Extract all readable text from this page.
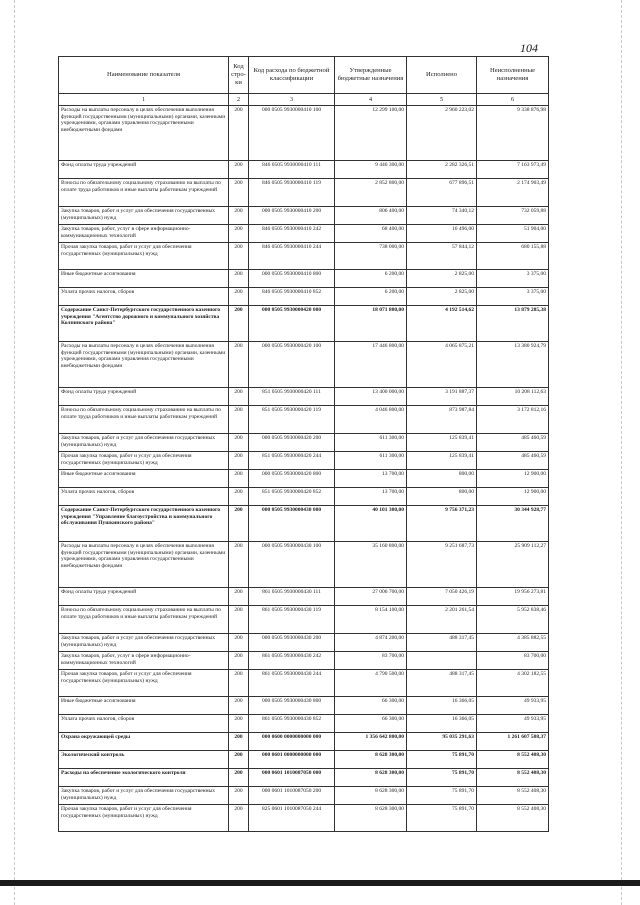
104
Наименование показателя	Код стро-ки	Код расхода по бюджетной классификации	Утвержденные бюджетные назначения	Исполнено	Неисполненные назначения
1	2	3	4	5	6
Расходы на выплаты персоналу в целях обеспечения выполнения функций государственными (муниципальными) органами, казенными учреждениями, органами управления государственными внебюджетными фондами	200	000 0505 9930000410 100	12 299 100,00	2 960 223,02	9 338 876,98
Фонд оплаты труда учреждений	200	846 0505 9930000410 111	9 446 300,00	2 282 326,51	7 163 973,49
Взносы по обязательному социальному страхованию на выплаты по оплате труда работников и иные выплаты работникам учреждений	200	846 0505 9930000410 119	2 852 800,00	677 896,51	2 174 903,49
Закупка товаров, работ и услуг для обеспечения государственных (муниципальных) нужд	200	000 0505 9930000410 200	806 400,00	74 340,12	732 059,88
Закупка товаров, работ, услуг в сфере информационно-коммуникационных технологий	200	846 0505 9930000410 242	68 400,00	16 496,00	51 904,00
Прочая закупка товаров, работ и услуг для обеспечения государственных (муниципальных) нужд	200	846 0505 9930000410 244	738 000,00	57 844,12	680 155,88
Иные бюджетные ассигнования	200	000 0505 9930000410 800	6 200,00	2 825,00	3 375,00
Уплата прочих налогов, сборов	200	846 0505 9930000410 852	6 200,00	2 825,00	3 375,00
Содержание Санкт-Петербургского государственного казенного учреждения "Агентство дорожного и коммунального хозяйства Колпинского района"	200	000 0505 9930000420 000	18 071 800,00	4 192 514,62	13 879 285,38
Расходы на выплаты персоналу в целях обеспечения выполнения функций государственными (муниципальными) органами, казенными учреждениями, органами управления государственными внебюджетными фондами	200	000 0505 9930000420 100	17 446 800,00	4 065 875,21	13 380 924,79
Фонд оплаты труда учреждений	200	851 0505 9930000420 111	13 400 000,00	3 191 887,37	10 208 112,63
Взносы по обязательному социальному страхованию на выплаты по оплате труда работников и иные выплаты работникам учреждений	200	851 0505 9930000420 119	4 046 800,00	873 987,84	3 172 812,16
Закупка товаров, работ и услуг для обеспечения государственных (муниципальных) нужд	200	000 0505 9930000420 200	611 300,00	125 839,41	485 460,59
Прочая закупка товаров, работ и услуг для обеспечения государственных (муниципальных) нужд	200	851 0505 9930000420 244	611 300,00	125 839,41	485 460,59
Иные бюджетные ассигнования	200	000 0505 9930000420 800	13 700,00	800,00	12 900,00
Уплата прочих налогов, сборов	200	851 0505 9930000420 852	13 700,00	800,00	12 900,00
Содержание Санкт-Петербургского государственного казенного учреждения "Управление благоустройства и коммунального обслуживания Пушкинского района"	200	000 0505 9930000430 000	40 101 300,00	9 756 371,23	30 344 928,77
Расходы на выплаты персоналу в целях обеспечения выполнения функций государственными (муниципальными) органами, казенными учреждениями, органами управления государственными внебюджетными фондами	200	000 0505 9930000430 100	35 160 800,00	9 251 687,73	25 909 112,27
Фонд оплаты труда учреждений	200	861 0505 9930000430 111	27 006 700,00	7 050 426,19	19 956 273,81
Взносы по обязательному социальному страхованию на выплаты по оплате труда работников и иные выплаты работникам учреждений	200	861 0505 9930000430 119	8 154 100,00	2 201 261,54	5 952 838,46
Закупка товаров, работ и услуг для обеспечения государственных (муниципальных) нужд	200	000 0505 9930000430 200	4 874 200,00	488 317,45	4 385 882,55
Закупка товаров, работ, услуг в сфере информационно-коммуникационных технологий	200	861 0505 9930000430 242	83 700,00		83 700,00
Прочая закупка товаров, работ и услуг для обеспечения государственных (муниципальных) нужд	200	861 0505 9930000430 244	4 790 500,00	488 317,45	4 302 182,55
Иные бюджетные ассигнования	200	000 0505 9930000430 800	66 300,00	16 366,05	49 933,95
Уплата прочих налогов, сборов	200	861 0505 9930000430 852	66 300,00	16 366,05	49 933,95
Охрана окружающей среды	200	000 0600 0000000000 000	1 356 642 800,00	95 035 291,63	1 261 607 508,37
Экологический контроль	200	000 0601 0000000000 000	8 628 300,00	75 891,70	8 552 408,30
Расходы на обеспечение экологического контроля	200	000 0601 1010087050 000	8 628 300,00	75 891,70	8 552 408,30
Закупка товаров, работ и услуг для обеспечения государственных (муниципальных) нужд	200	000 0601 1010087050 200	8 628 300,00	75 891,70	8 552 408,30
Прочая закупка товаров, работ и услуг для обеспечения государственных (муниципальных) нужд	200	825 0601 1010087050 244	8 628 300,00	75 891,70	8 552 408,30
